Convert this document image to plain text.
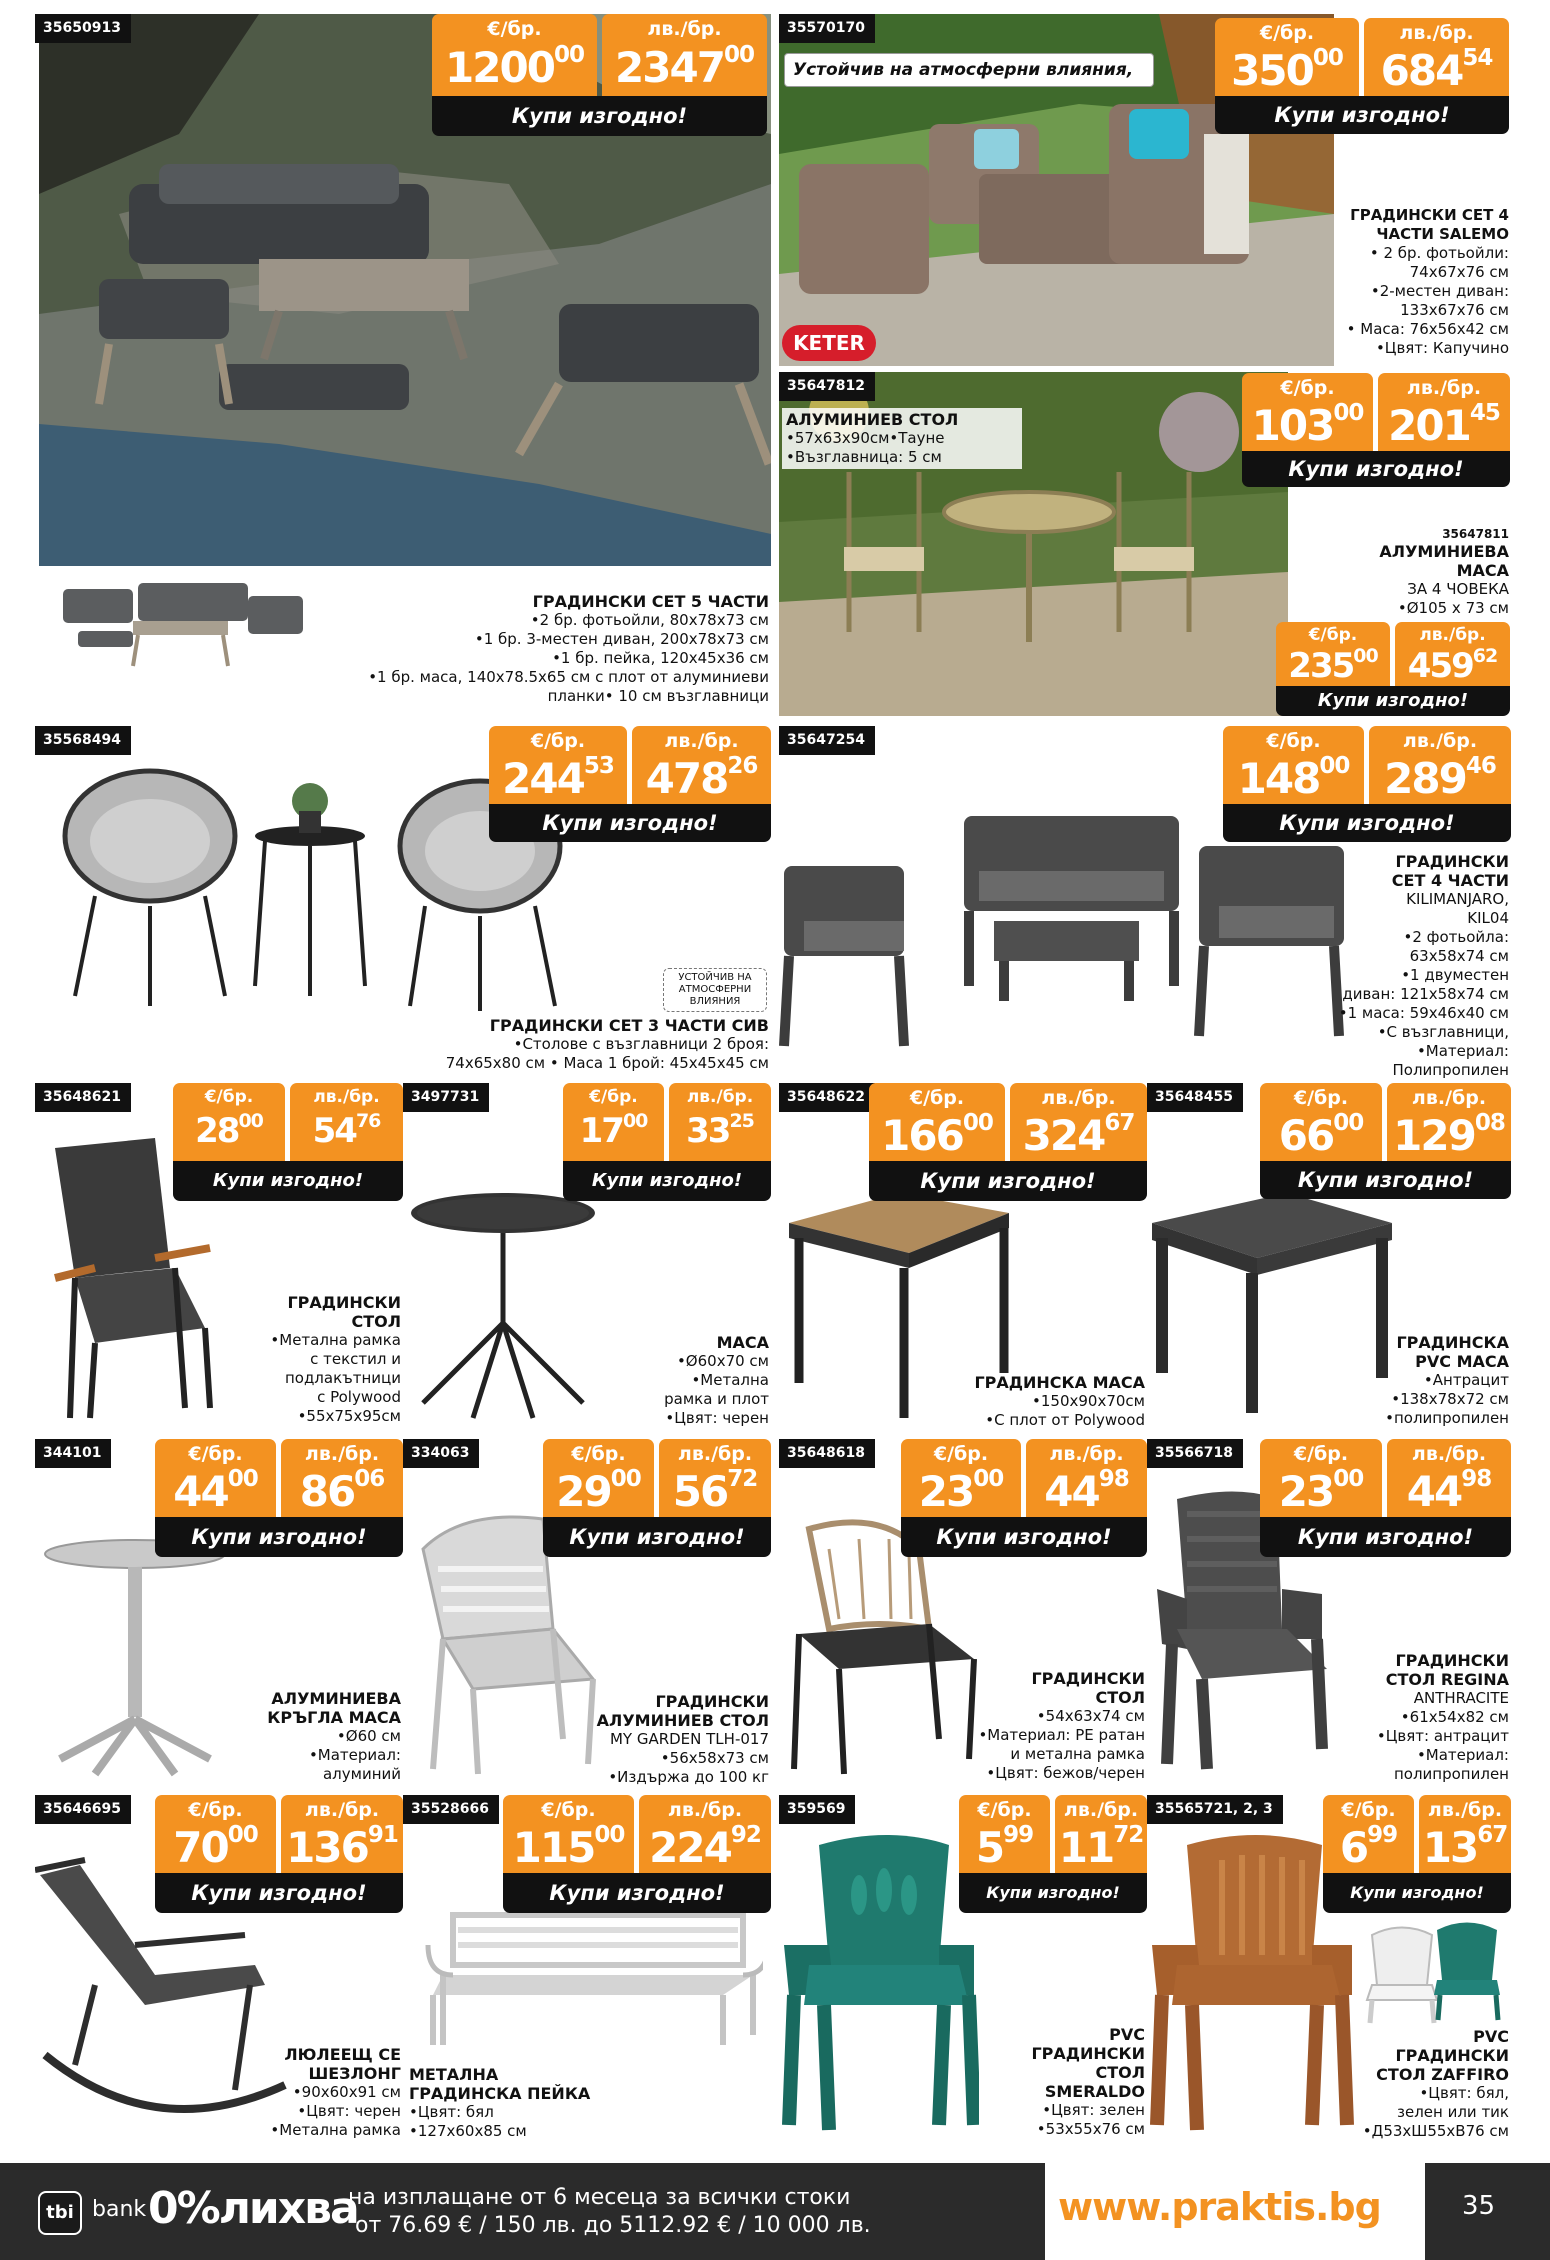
35650913	€/бр.
1200$^{00}$
лв./бр.
2347$^{00}$
Купи изгодно!
ГРАДИНСКИ СЕТ 5 ЧАСТИ
•2 бр. фотьойли, 80x78x73 см
•1 бр. 3-местен диван, 200x78x73 см
•1 бр. пейка, 120x45x36 см
•1 бр. маса, 140x78.5x65 см с плот от алуминиеви
планки• 10 см възглавници
35570170
Устойчив на атмосферни влияния,
KETER
€/бр.
$350^{00}$
лв./бр.
$684^{54}$
Купи изгодно!
ГРАДИНСКИ СЕТ 4 ЧАСТИ SALEMO
• 2 бр. фотьойли:
74x67x76 см
•2-местен диван:
133x67x76 см
• Маса: 76x56x42 см
•Цвят: Капучино
35647812
АЛУМИНИЕВ СТОЛ
•57x63x90см•Тауне
•Възглавница: 5 см
€/бр.
$103^{00}$
лв./бр.
$201^{45}$
Купи изгодно!
35647811
АЛУМИНИЕВА
МАСА
ЗА 4 ЧОВЕКА
•Ø105 x 73 см
€/бр.
$235^{00}$
лв./бр.
$459^{62}$
Купи изгодно!
35568494
УСТОЙЧИВ НА
АТМОСФЕРНИ
ВЛИЯНИЯ
€/бр.
$244^{53}$
лв./бр.
$478^{26}$
Купи изгодно!
ГРАДИНСКИ СЕТ 3 ЧАСТИ СИВ
•Столове с възглавници 2 броя:
74x65x80 см • Маса 1 брой: 45x45x45 см
35647254	€/бр.
$148^{00}$
лв./бр.
$289^{46}$
Купи изгодно!
ГРАДИНСКИ
СЕТ 4 ЧАСТИ
KILIMANJARO,
KIL04
•2 фотьойла:
63x58x74 см
•1 двуместен
диван: 121x58x74 см
•1 маса: 59x46x40 см
•С възглавници,
•Материал:
Полипропилен
35648621	€/бр.
$28^{00}$
лв./бр.
$54^{76}$
Купи изгодно!
ГРАДИНСКИ
СТОЛ
•Метална рамка
с текстил и
подлакътници
с Polywood
•55x75x95см
3497731	€/бр.
$17^{00}$
лв./бр.
$33^{25}$
Купи изгодно!
МАСА
•Ø60x70 см
•Метална
рамка и плот
•Цвят: черен
35648622	€/бр.
$166^{00}$
лв./бр.
$324^{67}$
Купи изгодно!
ГРАДИНСКА МАСА
•150x90x70см
•С плот от Polywood
35648455	€/бр.
$66^{00}$
лв./бр.
$129^{08}$
Купи изгодно!
ГРАДИНСКА
PVC МАСА
•Антрацит
•138x78x72 см
•полипропилен
344101	€/бр.
$44^{00}$
лв./бр.
$86^{06}$
Купи изгодно!
АЛУМИНИЕВА
КРЪГЛА МАСА
•Ø60 см
•Материал:
алуминий
334063	€/бр.
$29^{00}$
лв./бр.
$56^{72}$
Купи изгодно!
ГРАДИНСКИ
АЛУМИНИЕВ СТОЛ
MY GARDEN TLH-017
•56x58x73 см
•Издържа до 100 кг
35648618	€/бр.
$23^{00}$
лв./бр.
$44^{98}$
Купи изгодно!
ГРАДИНСКИ
СТОЛ
•54x63x74 см
•Материал: PE ратан
и метална рамка
•Цвят: бежов/черен
35566718	€/бр.
$23^{00}$
лв./бр.
$44^{98}$
Купи изгодно!
ГРАДИНСКИ
СТОЛ REGINA
ANTHRACITE
•61x54x82 см
•Цвят: антрацит
•Материал:
полипропилен
35646695	€/бр.
$70^{00}$
лв./бр.
$136^{91}$
Купи изгодно!
ЛЮЛЕЕЩ СЕ
ШЕЗЛОНГ
•90x60x91 см
•Цвят: черен
•Метална рамка
35528666	€/бр.
$115^{00}$
лв./бр.
$224^{92}$
Купи изгодно!
МЕТАЛНА
ГРАДИНСКА ПЕЙКА
•Цвят: бял
•127x60x85 см
359569	€/бр.
$5^{99}$
лв./бр.
$11^{72}$
Купи изгодно!
PVC
ГРАДИНСКИ
СТОЛ
SMERALDO
•Цвят: зелен
•53x55x76 см
35565721, 2, 3	€/бр.
$6^{99}$
лв./бр.
$13^{67}$
Купи изгодно!
PVC
ГРАДИНСКИ
СТОЛ ZAFFIRO
•Цвят: бял,
зелен или тик
•Д53хШ55хВ76 см
tbi bank 0%лихва
на изплащане от 6 месеца за всички стоки
от 76.69 € / 150 лв. до 5112.92 € / 10 000 лв.	www.praktis.bg	35
